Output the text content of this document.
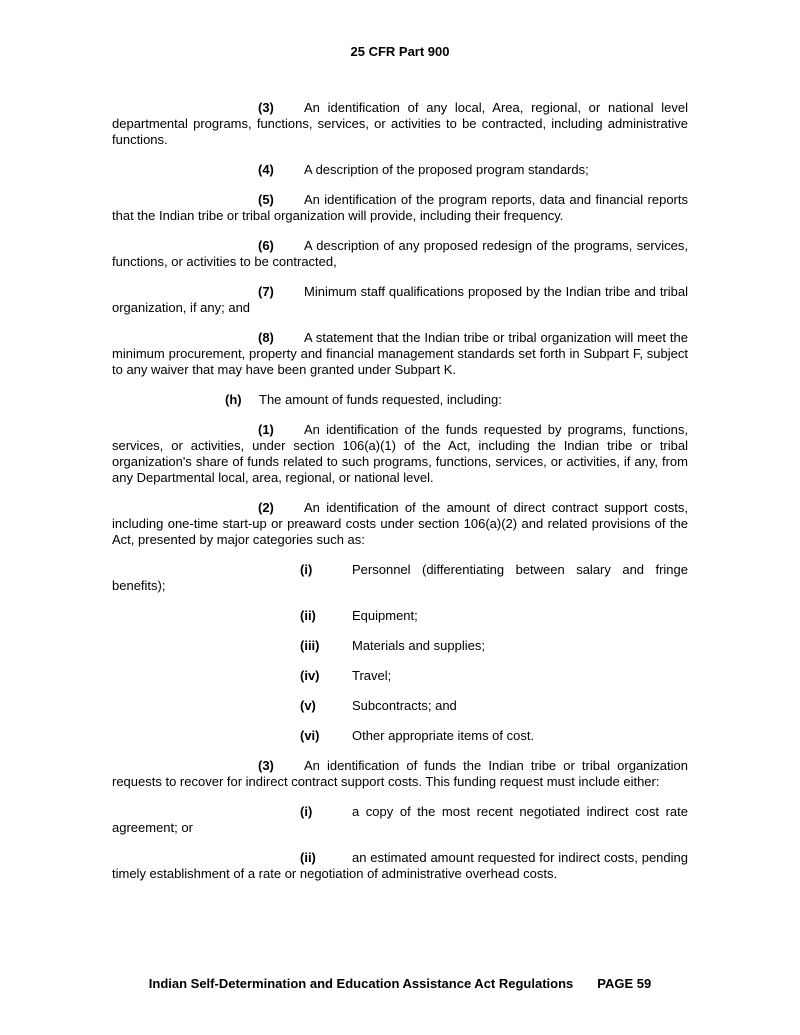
25 CFR Part 900

(3) An identification of any local, Area, regional, or national level departmental programs, functions, services, or activities to be contracted, including administrative functions.

(4) A description of the proposed program standards;

(5) An identification of the program reports, data and financial reports that the Indian tribe or tribal organization will provide, including their frequency.

(6) A description of any proposed redesign of the programs, services, functions, or activities to be contracted,

(7) Minimum staff qualifications proposed by the Indian tribe and tribal organization, if any; and

(8) A statement that the Indian tribe or tribal organization will meet the minimum procurement, property and financial management standards set forth in Subpart F, subject to any waiver that may have been granted under Subpart K.

(h) The amount of funds requested, including:

(1) An identification of the funds requested by programs, functions, services, or activities, under section 106(a)(1) of the Act, including the Indian tribe or tribal organization's share of funds related to such programs, functions, services, or activities, if any, from any Departmental local, area, regional, or national level.

(2) An identification of the amount of direct contract support costs, including one-time start-up or preaward costs under section 106(a)(2) and related provisions of the Act, presented by major categories such as:

(i)	Personnel (differentiating between salary and fringe benefits);

(ii)	Equipment;

(iii)	Materials and supplies;

(iv)	Travel;

(v)	Subcontracts; and

(vi)	Other appropriate items of cost.

(3) An identification of funds the Indian tribe or tribal organization requests to recover for indirect contract support costs. This funding request must include either:

(i)	a copy of the most recent negotiated indirect cost rate agreement; or

(ii)	an estimated amount requested for indirect costs, pending timely establishment of a rate or negotiation of administrative overhead costs.

Indian Self-Determination and Education Assistance Act Regulations PAGE 59
